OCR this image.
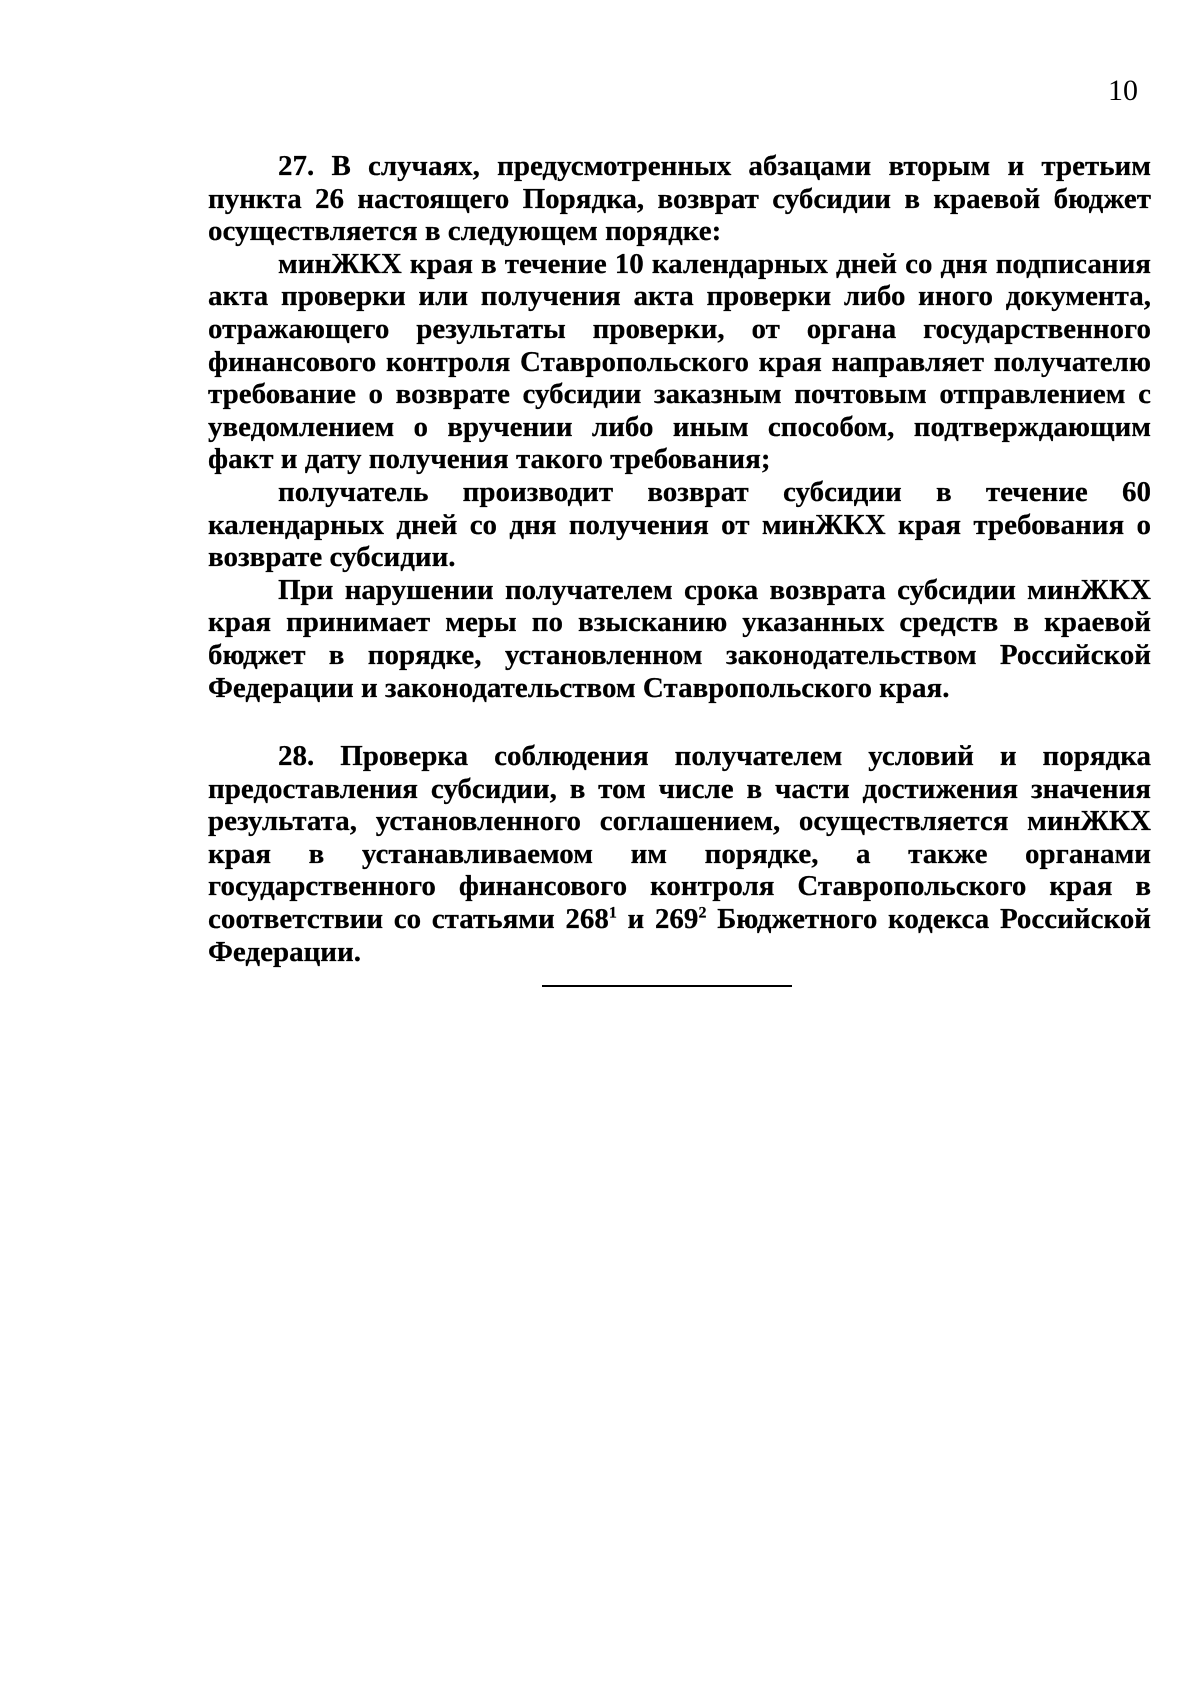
10

27. В случаях, предусмотренных абзацами вторым и третьим пункта 26 настоящего Порядка, возврат субсидии в краевой бюджет осуществляется в следующем порядке:

минЖКХ края в течение 10 календарных дней со дня подписания акта проверки или получения акта проверки либо иного документа, отражающего результаты проверки, от органа государственного финансового контроля Ставропольского края направляет получателю требование о возврате субсидии заказным почтовым отправлением с уведомлением о вручении либо иным способом, подтверждающим факт и дату получения такого требования;

получатель производит возврат субсидии в течение 60 календарных дней со дня получения от минЖКХ края требования о возврате субсидии.

При нарушении получателем срока возврата субсидии минЖКХ края принимает меры по взысканию указанных средств в краевой бюджет в порядке, установленном законодательством Российской Федерации и законодательством Ставропольского края.

28. Проверка соблюдения получателем условий и порядка предоставления субсидии, в том числе в части достижения значения результата, установленного соглашением, осуществляется минЖКХ края в устанавливаемом им порядке, а также органами государственного финансового контроля Ставропольского края в соответствии со статьями $268^1$ и $269^2$ Бюджетного кодекса Российской Федерации.
